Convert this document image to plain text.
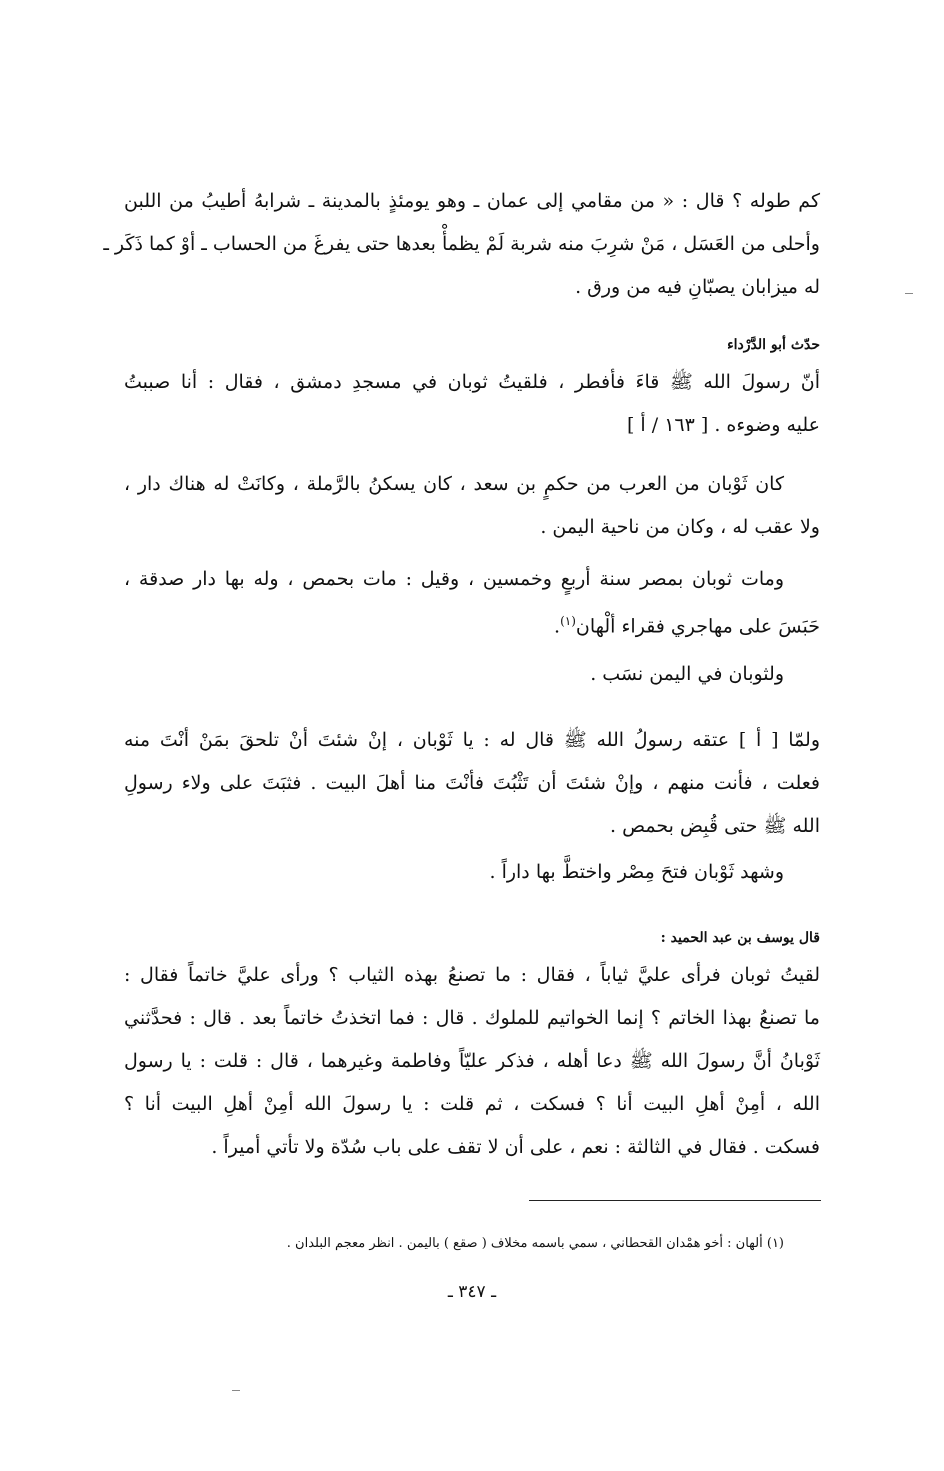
كم طوله ؟ قال : « من مقامي إلى عمان ـ وهو يومئذٍ بالمدينة ـ شرابهُ أطيبُ من اللبن
وأحلى من العَسَل ، مَنْ شرِبَ منه شربة لَمْ يظمأْ بعدها حتى يفرغَ من الحساب ـ أوْ كما ذَكَر ـ
له ميزابان يصبّانِ فيه من ورق .
حدّث أبو الدَّرْداء
أنّ رسولَ الله ﷺ قاءَ فأفطر ، فلقيتُ ثوبان في مسجدِ دمشق ، فقال : أنا صببتُ
عليه وضوءه . [ ١٦٣ / أ ]
كان ثَوْبان من العرب من حكمٍ بن سعد ، كان يسكنُ بالرَّملة ، وكانَتْ له هناك دار ،
ولا عقب له ، وكان من ناحية اليمن .
ومات ثوبان بمصر سنة أربعٍ وخمسين ، وقيل : مات بحمص ، وله بها دار صدقة ،
حَبَسَ على مهاجري فقراء ألْهان$^{(١)}$.
ولثوبان في اليمن نسَب .
ولمّا [ أ ] عتقه رسولُ الله ﷺ قال له : يا ثَوْبان ، إنْ شئتَ أنْ تلحقَ بمَنْ أنْتَ منه
فعلت ، فأنت منهم ، وإنْ شئتَ أن تَثْبُتَ فأنْتَ منا أهلَ البيت . فثبَتَ على ولاء رسولِ
الله ﷺ حتى قُبِض بحمص .
وشهد ثَوْبان فتحَ مِصْر واختطَّ بها داراً .
قال يوسف بن عبد الحميد :
لقيتُ ثوبان فرأى عليَّ ثياباً ، فقال : ما تصنعُ بهذه الثياب ؟ ورأى عليَّ خاتماً فقال :
ما تصنعُ بهذا الخاتم ؟ إنما الخواتيم للملوك . قال : فما اتخذتُ خاتماً بعد . قال : فحدَّثني
ثَوْبانُ أنَّ رسولَ الله ﷺ دعا أهله ، فذكر عليّاً وفاطمة وغيرهما ، قال : قلت : يا رسول
الله ، أمِنْ أهلِ البيت أنا ؟ فسكت ، ثم قلت : يا رسولَ الله أمِنْ أهلِ البيت أنا ؟
فسكت . فقال في الثالثة : نعم ، على أن لا تقف على باب سُدّة ولا تأتي أميراً .
(١) ألهان : أخو همْدان القحطاني ، سمي باسمه مخلاف ( صقع ) باليمن . انظر معجم البلدان .
ـ ٣٤٧ ـ
